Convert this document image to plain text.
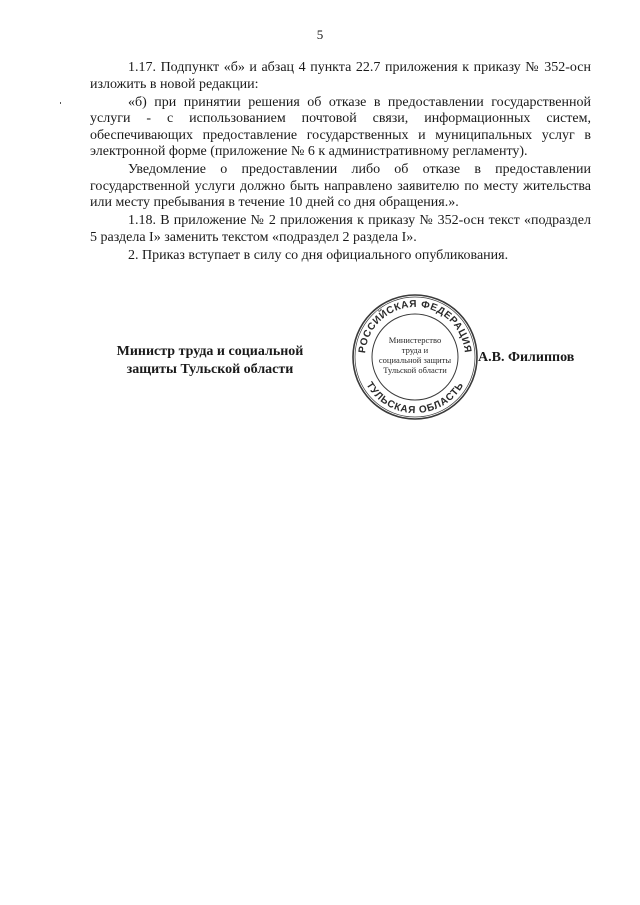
5

1.17. Подпункт «б» и абзац 4 пункта 22.7 приложения к приказу № 352-осн изложить в новой редакции:

«б) при принятии решения об отказе в предоставлении государственной услуги - с использованием почтовой связи, информационных систем, обеспечивающих предоставление государственных и муниципальных услуг в электронной форме (приложение № 6 к административному регламенту).

Уведомление о предоставлении либо об отказе в предоставлении государственной услуги должно быть направлено заявителю по месту жительства или месту пребывания в течение 10 дней со дня обращения.».

1.18. В приложение № 2 приложения к приказу № 352-осн текст «подраздел 5 раздела I» заменить текстом «подраздел 2 раздела I».

2. Приказ вступает в силу со дня официального опубликования.

Министр труда и социальной
защиты Тульской области
РОССИЙСКАЯ ФЕДЕРАЦИЯ
ТУЛЬСКАЯ ОБЛАСТЬ
Министерство
труда и
социальной защиты
Тульской области
А.В. Филиппов
